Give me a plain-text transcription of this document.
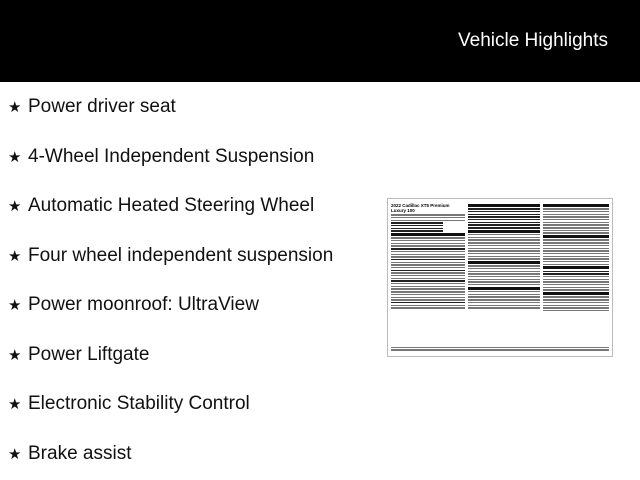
Vehicle Highlights
★ Power driver seat
★ 4-Wheel Independent Suspension
★ Automatic Heated Steering Wheel
★ Four wheel independent suspension
★ Power moonroof: UltraView
★ Power Liftgate
★ Electronic Stability Control
★ Brake assist
2022 Cadillac XT5 Premium Luxury 100
